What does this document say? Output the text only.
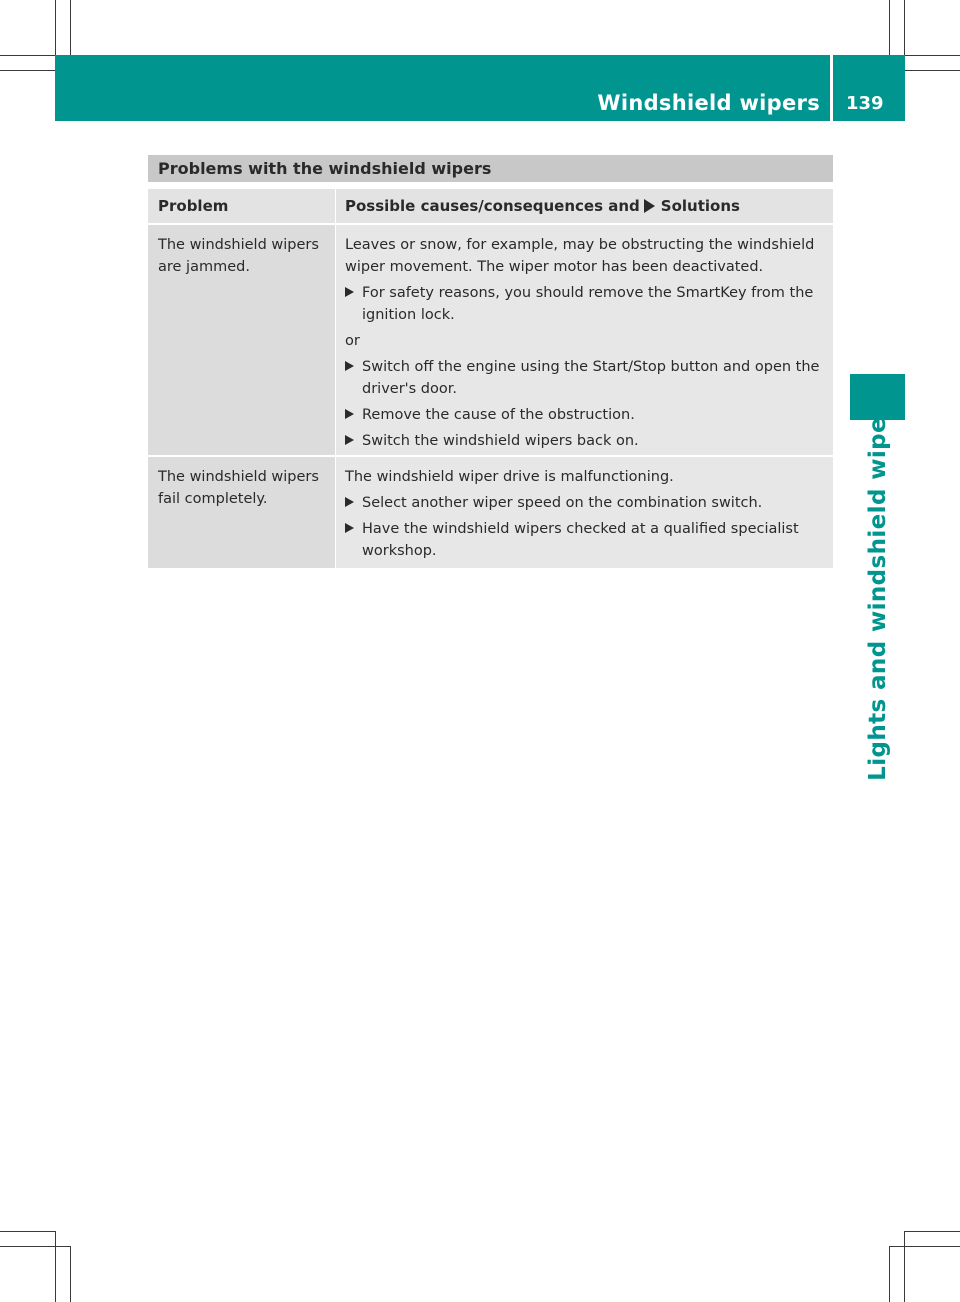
Windshield wipers 139
Lights and windshield wipers
Problems with the windshield wipers
Problem	Possible causes/consequences and Solutions
The windshield wipers are jammed.
Leaves or snow, for example, may be obstructing the windshield wiper movement. The wiper motor has been deactivated.
For safety reasons, you should remove the SmartKey from the ignition lock.
or
Switch off the engine using the Start/Stop button and open the driver's door.
Remove the cause of the obstruction.
Switch the windshield wipers back on.
The windshield wipers fail completely.
The windshield wiper drive is malfunctioning.
Select another wiper speed on the combination switch.
Have the windshield wipers checked at a qualified specialist workshop.
